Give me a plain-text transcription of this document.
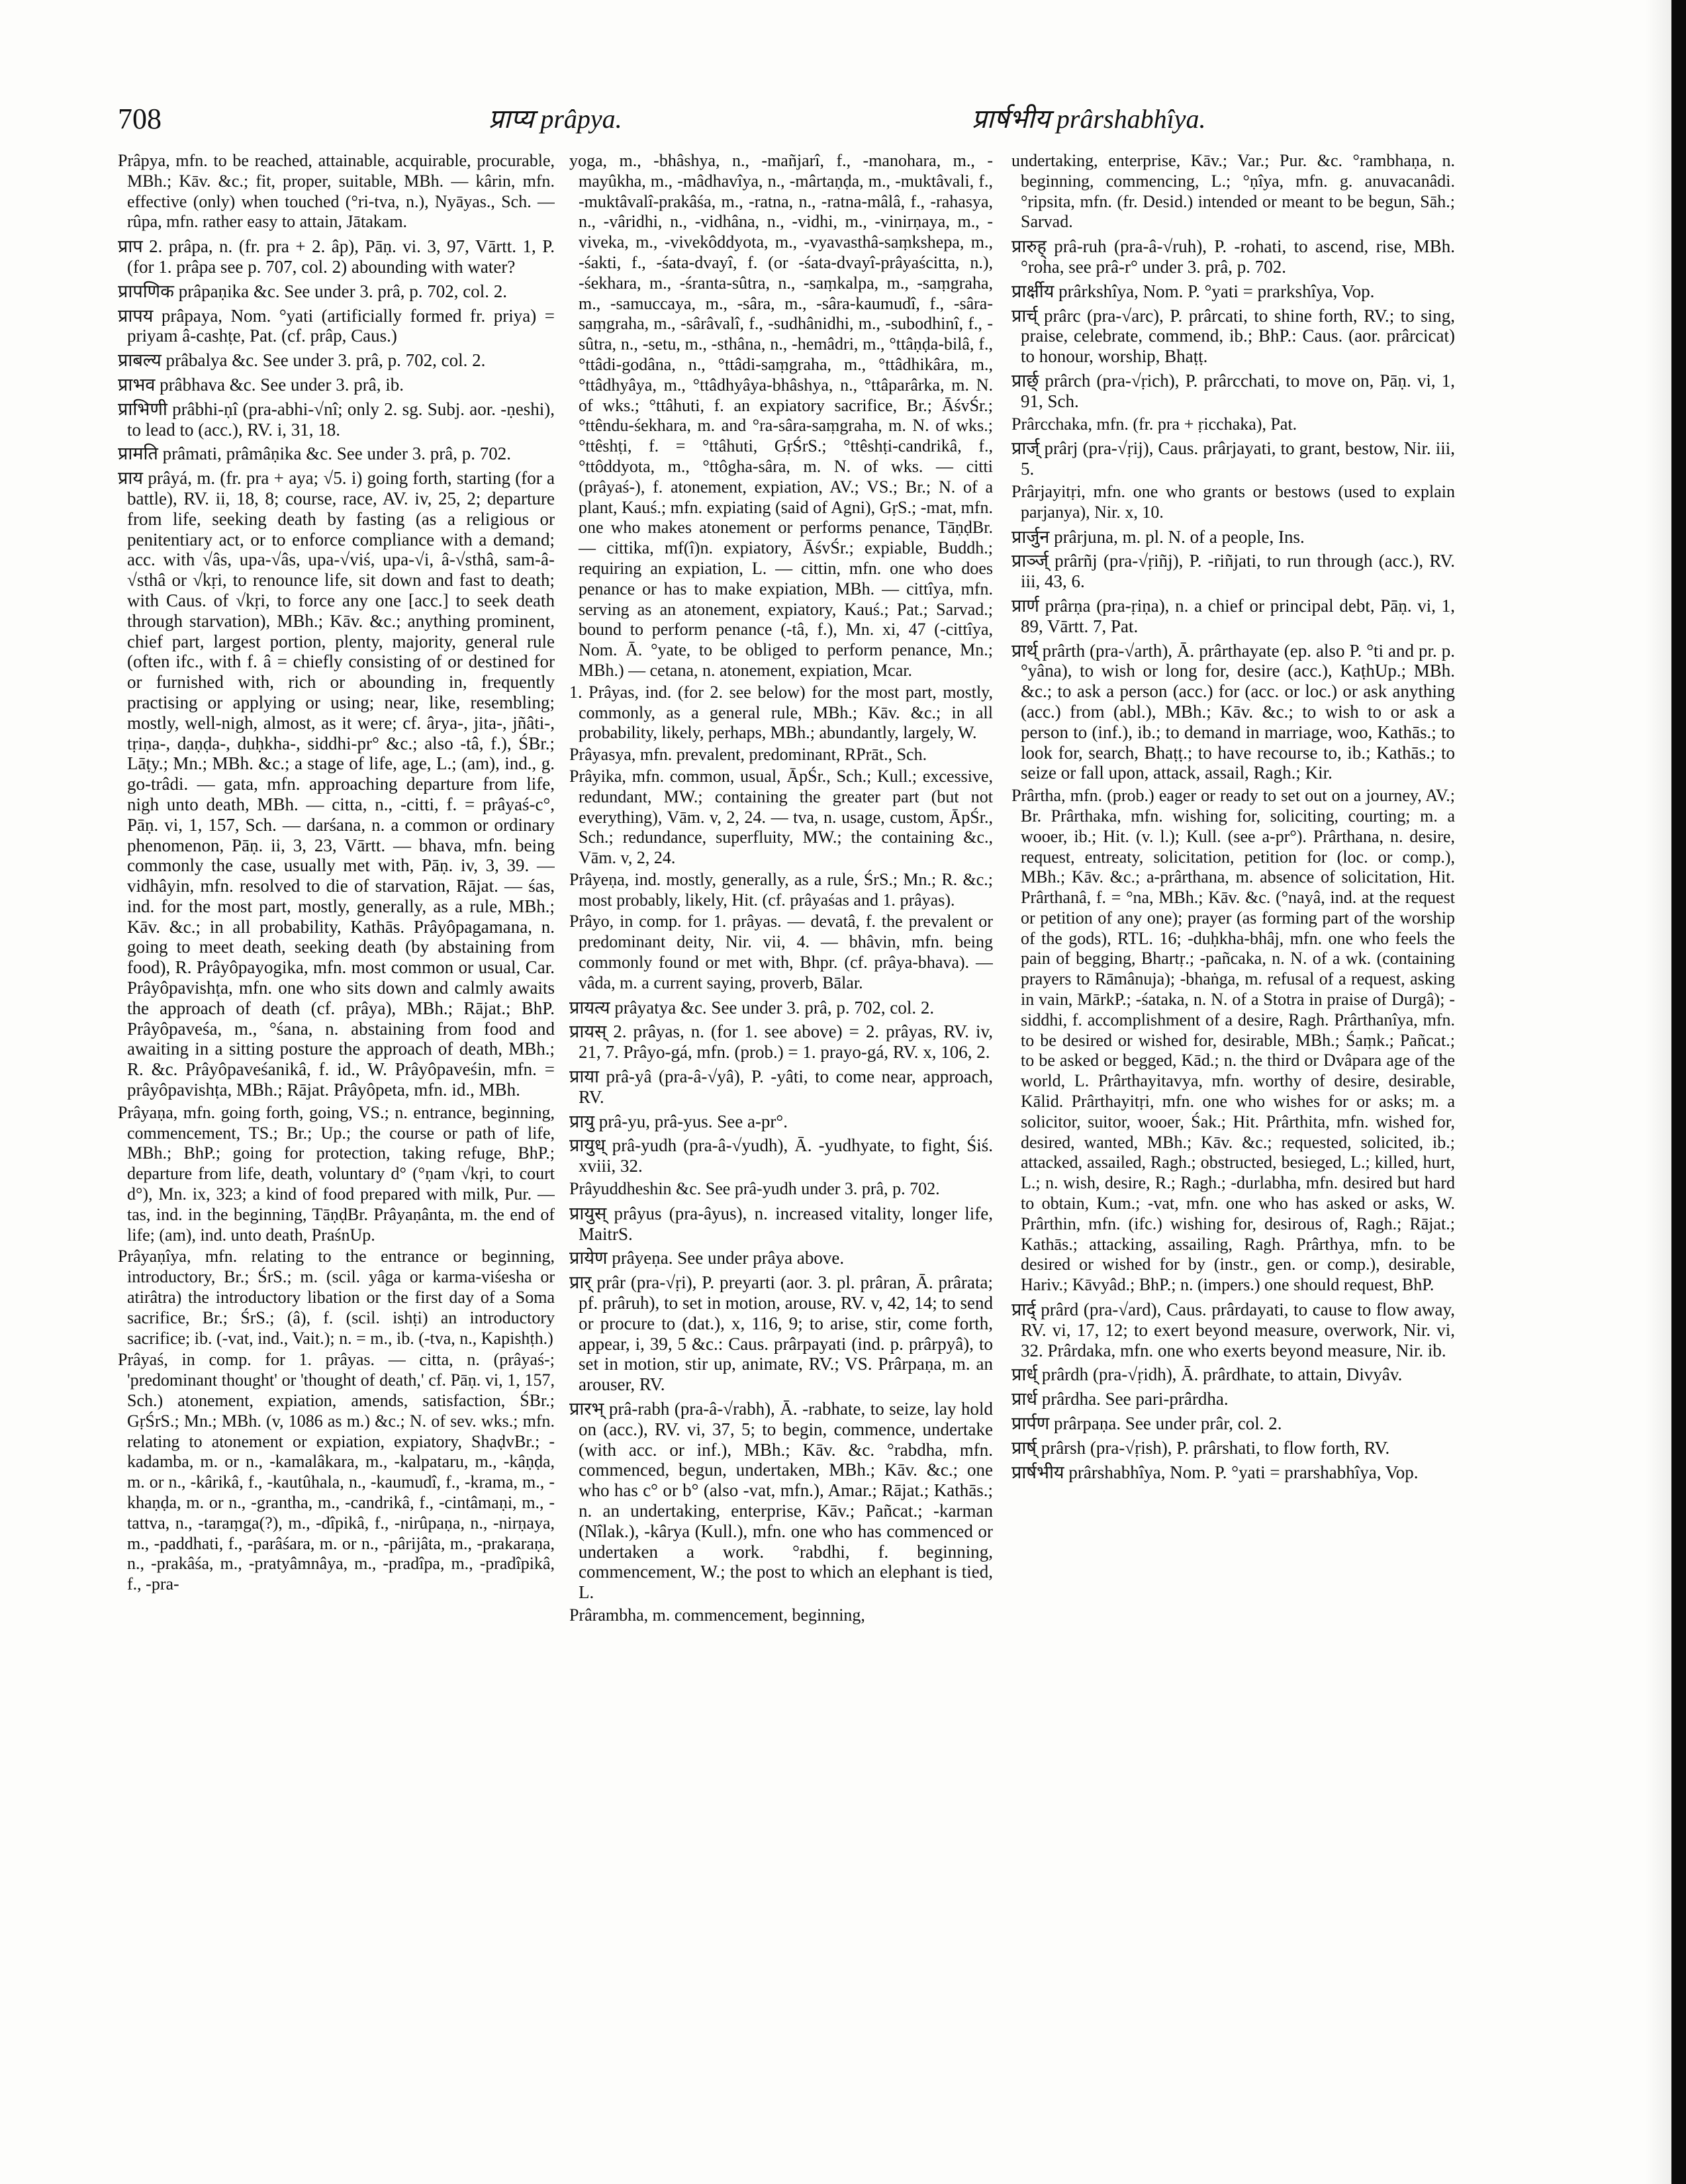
708	प्राप्य prâpya.	प्रार्षभीय prârshabhîya.

Prâpya, mfn. to be reached, attainable, acquirable, procurable, MBh.; Kāv. &c.; fit, proper, suitable, MBh. — kârin, mfn. effective (only) when touched (°ri-tva, n.), Nyāyas., Sch. — rûpa, mfn. rather easy to attain, Jātakam.

प्राप 2. prâpa, n. (fr. pra + 2. âp), Pāṇ. vi. 3, 97, Vārtt. 1, P. (for 1. prâpa see p. 707, col. 2) abounding with water?

प्रापणिक prâpaṇika &c. See under 3. prâ, p. 702, col. 2.

प्रापय prâpaya, Nom. °yati (artificially formed fr. priya) = priyam â-cashṭe, Pat. (cf. prâp, Caus.)

प्राबल्य prâbalya &c. See under 3. prâ, p. 702, col. 2.

प्राभव prâbhava &c. See under 3. prâ, ib.

प्राभिणी prâbhi-ṇî (pra-abhi-√nî; only 2. sg. Subj. aor. -ṇeshi), to lead to (acc.), RV. i, 31, 18.

प्रामति prâmati, prâmâṇika &c. See under 3. prâ, p. 702.

प्राय prâyá, m. (fr. pra + aya; √5. i) going forth, starting (for a battle), RV. ii, 18, 8; course, race, AV. iv, 25, 2; departure from life, seeking death by fasting (as a religious or penitentiary act, or to enforce compliance with a demand; acc. with √âs, upa-√âs, upa-√viś, upa-√i, â-√sthâ, sam-â-√sthâ or √kṛi, to renounce life, sit down and fast to death; with Caus. of √kṛi, to force any one [acc.] to seek death through starvation), MBh.; Kāv. &c.; anything prominent, chief part, largest portion, plenty, majority, general rule (often ifc., with f. â = chiefly consisting of or destined for or furnished with, rich or abounding in, frequently practising or applying or using; near, like, resembling; mostly, well-nigh, almost, as it were; cf. ârya-, jita-, jñâti-, tṛiṇa-, daṇḍa-, duḥkha-, siddhi-pr° &c.; also -tâ, f.), ŚBr.; Lāṭy.; Mn.; MBh. &c.; a stage of life, age, L.; (am), ind., g. go-trâdi. — gata, mfn. approaching departure from life, nigh unto death, MBh. — citta, n., -citti, f. = prâyaś-c°, Pāṇ. vi, 1, 157, Sch. — darśana, n. a common or ordinary phenomenon, Pāṇ. ii, 3, 23, Vārtt. — bhava, mfn. being commonly the case, usually met with, Pāṇ. iv, 3, 39. — vidhâyin, mfn. resolved to die of starvation, Rājat. — śas, ind. for the most part, mostly, generally, as a rule, MBh.; Kāv. &c.; in all probability, Kathās. Prâyôpagamana, n. going to meet death, seeking death (by abstaining from food), R. Prâyôpayogika, mfn. most common or usual, Car. Prâyôpavishṭa, mfn. one who sits down and calmly awaits the approach of death (cf. prâya), MBh.; Rājat.; BhP. Prâyôpaveśa, m., °śana, n. abstaining from food and awaiting in a sitting posture the approach of death, MBh.; R. &c. Prâyôpaveśanikâ, f. id., W. Prâyôpaveśin, mfn. = prâyôpavishṭa, MBh.; Rājat. Prâyôpeta, mfn. id., MBh.

Prâyaṇa, mfn. going forth, going, VS.; n. entrance, beginning, commencement, TS.; Br.; Up.; the course or path of life, MBh.; BhP.; going for protection, taking refuge, BhP.; departure from life, death, voluntary d° (°ṇam √kṛi, to court d°), Mn. ix, 323; a kind of food prepared with milk, Pur. — tas, ind. in the beginning, TāṇḍBr. Prâyaṇânta, m. the end of life; (am), ind. unto death, PraśnUp.

Prâyaṇîya, mfn. relating to the entrance or beginning, introductory, Br.; ŚrS.; m. (scil. yâga or karma-viśesha or atirâtra) the introductory libation or the first day of a Soma sacrifice, Br.; ŚrS.; (â), f. (scil. ishṭi) an introductory sacrifice; ib. (-vat, ind., Vait.); n. = m., ib. (-tva, n., Kapishṭh.)

Prâyaś, in comp. for 1. prâyas. — citta, n. (prâyaś-; 'predominant thought' or 'thought of death,' cf. Pāṇ. vi, 1, 157, Sch.) atonement, expiation, amends, satisfaction, ŚBr.; GṛŚrS.; Mn.; MBh. (v, 1086 as m.) &c.; N. of sev. wks.; mfn. relating to atonement or expiation, expiatory, ShaḍvBr.; -kadamba, m. or n., -kamalâkara, m., -kalpataru, m., -kâṇḍa, m. or n., -kârikâ, f., -kautûhala, n., -kaumudî, f., -krama, m., -khaṇḍa, m. or n., -grantha, m., -candrikâ, f., -cintâmaṇi, m., -tattva, n., -taraṃga(?), m., -dîpikâ, f., -nirûpaṇa, n., -nirṇaya, m., -paddhati, f., -parâśara, m. or n., -pârijâta, m., -prakaraṇa, n., -prakâśa, m., -pratyâmnâya, m., -pradîpa, m., -pradîpikâ, f., -pra-

yoga, m., -bhâshya, n., -mañjarî, f., -manohara, m., -mayûkha, m., -mâdhavîya, n., -mârtaṇḍa, m., -muktâvali, f., -muktâvalî-prakâśa, m., -ratna, n., -ratna-mâlâ, f., -rahasya, n., -vâridhi, n., -vidhâna, n., -vidhi, m., -vinirṇaya, m., -viveka, m., -vivekôddyota, m., -vyavasthâ-saṃkshepa, m., -śakti, f., -śata-dvayî, f. (or -śata-dvayî-prâyaścitta, n.), -śekhara, m., -śranta-sûtra, n., -saṃkalpa, m., -saṃgraha, m., -samuccaya, m., -sâra, m., -sâra-kaumudî, f., -sâra-saṃgraha, m., -sârâvalî, f., -sudhânidhi, m., -subodhinî, f., -sûtra, n., -setu, m., -sthâna, n., -hemâdri, m., °ttâṇḍa-bilâ, f., °ttâdi-godâna, n., °ttâdi-saṃgraha, m., °ttâdhikâra, m., °ttâdhyâya, m., °ttâdhyâya-bhâshya, n., °ttâparârka, m. N. of wks.; °ttâhuti, f. an expiatory sacrifice, Br.; ĀśvŚr.; °ttêndu-śekhara, m. and °ra-sâra-saṃgraha, m. N. of wks.; °ttêshṭi, f. = °ttâhuti, GṛŚrS.; °ttêshṭi-candrikâ, f., °ttôddyota, m., °ttôgha-sâra, m. N. of wks. — citti (prâyaś-), f. atonement, expiation, AV.; VS.; Br.; N. of a plant, Kauś.; mfn. expiating (said of Agni), GṛS.; -mat, mfn. one who makes atonement or performs penance, TāṇḍBr. — cittika, mf(î)n. expiatory, ĀśvŚr.; expiable, Buddh.; requiring an expiation, L. — cittin, mfn. one who does penance or has to make expiation, MBh. — cittîya, mfn. serving as an atonement, expiatory, Kauś.; Pat.; Sarvad.; bound to perform penance (-tâ, f.), Mn. xi, 47 (-cittîya, Nom. Ā. °yate, to be obliged to perform penance, Mn.; MBh.) — cetana, n. atonement, expiation, Mcar.

1. Prâyas, ind. (for 2. see below) for the most part, mostly, commonly, as a general rule, MBh.; Kāv. &c.; in all probability, likely, perhaps, MBh.; abundantly, largely, W.

Prâyasya, mfn. prevalent, predominant, RPrāt., Sch.

Prâyika, mfn. common, usual, ĀpŚr., Sch.; Kull.; excessive, redundant, MW.; containing the greater part (but not everything), Vām. v, 2, 24. — tva, n. usage, custom, ĀpŚr., Sch.; redundance, superfluity, MW.; the containing &c., Vām. v, 2, 24.

Prâyeṇa, ind. mostly, generally, as a rule, ŚrS.; Mn.; R. &c.; most probably, likely, Hit. (cf. prâyaśas and 1. prâyas).

Prâyo, in comp. for 1. prâyas. — devatâ, f. the prevalent or predominant deity, Nir. vii, 4. — bhâvin, mfn. being commonly found or met with, Bhpr. (cf. prâya-bhava). — vâda, m. a current saying, proverb, Bālar.

प्रायत्य prâyatya &c. See under 3. prâ, p. 702, col. 2.

प्रायस् 2. prâyas, n. (for 1. see above) = 2. prâyas, RV. iv, 21, 7. Prâyo-gá, mfn. (prob.) = 1. prayo-gá, RV. x, 106, 2.

प्राया prâ-yâ (pra-â-√yâ), P. -yâti, to come near, approach, RV.

प्रायु prâ-yu, prâ-yus. See a-pr°.

प्रायुध् prâ-yudh (pra-â-√yudh), Ā. -yudhyate, to fight, Śiś. xviii, 32.

Prâyuddheshin &c. See prâ-yudh under 3. prâ, p. 702.

प्रायुस् prâyus (pra-âyus), n. increased vitality, longer life, MaitrS.

प्रायेण prâyeṇa. See under prâya above.

प्रार् prâr (pra-√ṛi), P. preyarti (aor. 3. pl. prâran, Ā. prârata; pf. prâruh), to set in motion, arouse, RV. v, 42, 14; to send or procure to (dat.), x, 116, 9; to arise, stir, come forth, appear, i, 39, 5 &c.: Caus. prârpayati (ind. p. prârpyâ), to set in motion, stir up, animate, RV.; VS. Prârpaṇa, m. an arouser, RV.

प्रारभ् prâ-rabh (pra-â-√rabh), Ā. -rabhate, to seize, lay hold on (acc.), RV. vi, 37, 5; to begin, commence, undertake (with acc. or inf.), MBh.; Kāv. &c. °rabdha, mfn. commenced, begun, undertaken, MBh.; Kāv. &c.; one who has c° or b° (also -vat, mfn.), Amar.; Rājat.; Kathās.; n. an undertaking, enterprise, Kāv.; Pañcat.; -karman (Nîlak.), -kârya (Kull.), mfn. one who has commenced or undertaken a work. °rabdhi, f. beginning, commencement, W.; the post to which an elephant is tied, L.

Prârambha, m. commencement, beginning,

undertaking, enterprise, Kāv.; Var.; Pur. &c. °rambhaṇa, n. beginning, commencing, L.; °ṇîya, mfn. g. anuvacanâdi. °ripsita, mfn. (fr. Desid.) intended or meant to be begun, Sāh.; Sarvad.

प्रारुह् prâ-ruh (pra-â-√ruh), P. -rohati, to ascend, rise, MBh. °roha, see prâ-r° under 3. prâ, p. 702.

प्रार्क्षीय prârkshîya, Nom. P. °yati = prarkshîya, Vop.

प्रार्च् prârc (pra-√arc), P. prârcati, to shine forth, RV.; to sing, praise, celebrate, commend, ib.; BhP.: Caus. (aor. prârcicat) to honour, worship, Bhaṭṭ.

प्रार्छ् prârch (pra-√ṛich), P. prârcchati, to move on, Pāṇ. vi, 1, 91, Sch.

Prârcchaka, mfn. (fr. pra + ṛicchaka), Pat.

प्रार्ज् prârj (pra-√ṛij), Caus. prârjayati, to grant, bestow, Nir. iii, 5.

Prârjayitṛi, mfn. one who grants or bestows (used to explain parjanya), Nir. x, 10.

प्रार्जुन prârjuna, m. pl. N. of a people, Ins.

प्रार्ञ्ज् prârñj (pra-√ṛiñj), P. -riñjati, to run through (acc.), RV. iii, 43, 6.

प्रार्ण prârṇa (pra-ṛiṇa), n. a chief or principal debt, Pāṇ. vi, 1, 89, Vārtt. 7, Pat.

प्रार्थ् prârth (pra-√arth), Ā. prârthayate (ep. also P. °ti and pr. p. °yâna), to wish or long for, desire (acc.), KaṭhUp.; MBh. &c.; to ask a person (acc.) for (acc. or loc.) or ask anything (acc.) from (abl.), MBh.; Kāv. &c.; to wish to or ask a person to (inf.), ib.; to demand in marriage, woo, Kathās.; to look for, search, Bhaṭṭ.; to have recourse to, ib.; Kathās.; to seize or fall upon, attack, assail, Ragh.; Kir.

Prârtha, mfn. (prob.) eager or ready to set out on a journey, AV.; Br. Prârthaka, mfn. wishing for, soliciting, courting; m. a wooer, ib.; Hit. (v. l.); Kull. (see a-pr°). Prârthana, n. desire, request, entreaty, solicitation, petition for (loc. or comp.), MBh.; Kāv. &c.; a-prârthana, m. absence of solicitation, Hit. Prârthanâ, f. = °na, MBh.; Kāv. &c. (°nayâ, ind. at the request or petition of any one); prayer (as forming part of the worship of the gods), RTL. 16; -duḥkha-bhâj, mfn. one who feels the pain of begging, Bhartṛ.; -pañcaka, n. N. of a wk. (containing prayers to Rāmânuja); -bhaṅga, m. refusal of a request, asking in vain, MārkP.; -śataka, n. N. of a Stotra in praise of Durgâ); -siddhi, f. accomplishment of a desire, Ragh. Prârthanîya, mfn. to be desired or wished for, desirable, MBh.; Śaṃk.; Pañcat.; to be asked or begged, Kād.; n. the third or Dvâpara age of the world, L. Prârthayitavya, mfn. worthy of desire, desirable, Kālid. Prârthayitṛi, mfn. one who wishes for or asks; m. a solicitor, suitor, wooer, Śak.; Hit. Prârthita, mfn. wished for, desired, wanted, MBh.; Kāv. &c.; requested, solicited, ib.; attacked, assailed, Ragh.; obstructed, besieged, L.; killed, hurt, L.; n. wish, desire, R.; Ragh.; -durlabha, mfn. desired but hard to obtain, Kum.; -vat, mfn. one who has asked or asks, W. Prârthin, mfn. (ifc.) wishing for, desirous of, Ragh.; Rājat.; Kathās.; attacking, assailing, Ragh. Prârthya, mfn. to be desired or wished for by (instr., gen. or comp.), desirable, Hariv.; Kāvyâd.; BhP.; n. (impers.) one should request, BhP.

प्रार्द् prârd (pra-√ard), Caus. prârdayati, to cause to flow away, RV. vi, 17, 12; to exert beyond measure, overwork, Nir. vi, 32. Prârdaka, mfn. one who exerts beyond measure, Nir. ib.

प्रार्ध् prârdh (pra-√ṛidh), Ā. prârdhate, to attain, Divyâv.

प्रार्ध prârdha. See pari-prârdha.

प्रार्पण prârpaṇa. See under prâr, col. 2.

प्रार्ष् prârsh (pra-√ṛish), P. prârshati, to flow forth, RV.

प्रार्षभीय prârshabhîya, Nom. P. °yati = prarshabhîya, Vop.
